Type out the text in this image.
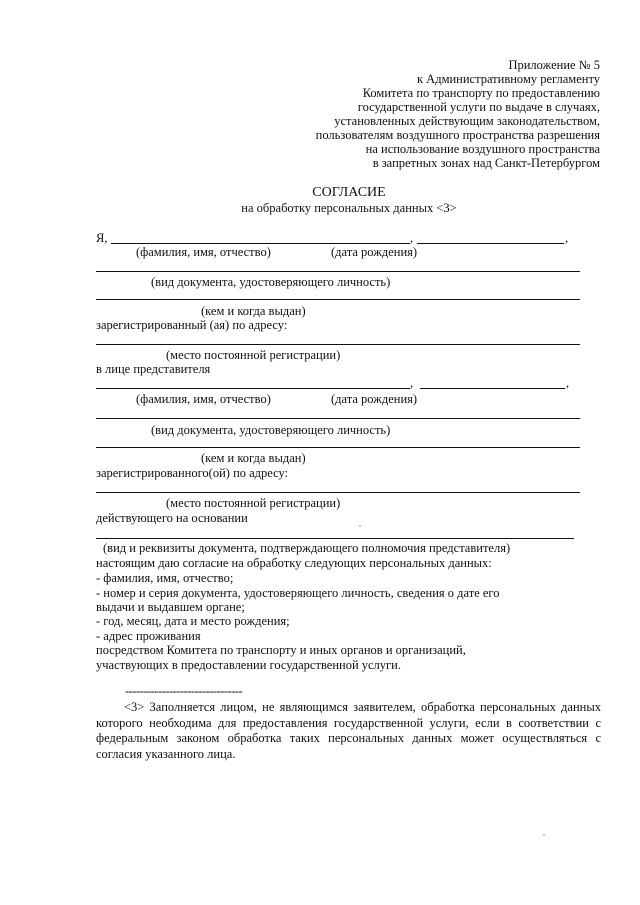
Приложение № 5
к Административному регламенту
Комитета по транспорту по предоставлению
государственной услуги по выдаче в случаях,
установленных действующим законодательством,
пользователям воздушного пространства разрешения
на использование воздушного пространства
в запретных зонах над Санкт-Петербургом
СОГЛАСИЕ
на обработку персональных данных <3>
Я,	,	,
(фамилия, имя, отчество)	(дата рождения)
(вид документа, удостоверяющего личность)
(кем и когда выдан)
зарегистрированный (ая) по адресу:
(место постоянной регистрации)
в лице представителя
,	,
(фамилия, имя, отчество)	(дата рождения)
(вид документа, удостоверяющего личность)
(кем и когда выдан)
зарегистрированного(ой) по адресу:
(место постоянной регистрации)
действующего на основании
(вид и реквизиты документа, подтверждающего полномочия представителя)
настоящим даю согласие на обработку следующих персональных данных:
- фамилия, имя, отчество;
- номер и серия документа, удостоверяющего личность, сведения о дате его
выдачи и выдавшем органе;
- год, месяц, дата и место рождения;
- адрес проживания
посредством Комитета по транспорту и иных органов и организаций,
участвующих в предоставлении государственной услуги.
--------------------------------
<3> Заполняется лицом, не являющимся заявителем, обработка персональных данных которого необходима для предоставления государственной услуги, если в соответствии с федеральным законом обработка таких персональных данных может осуществляться с согласия указанного лица.
